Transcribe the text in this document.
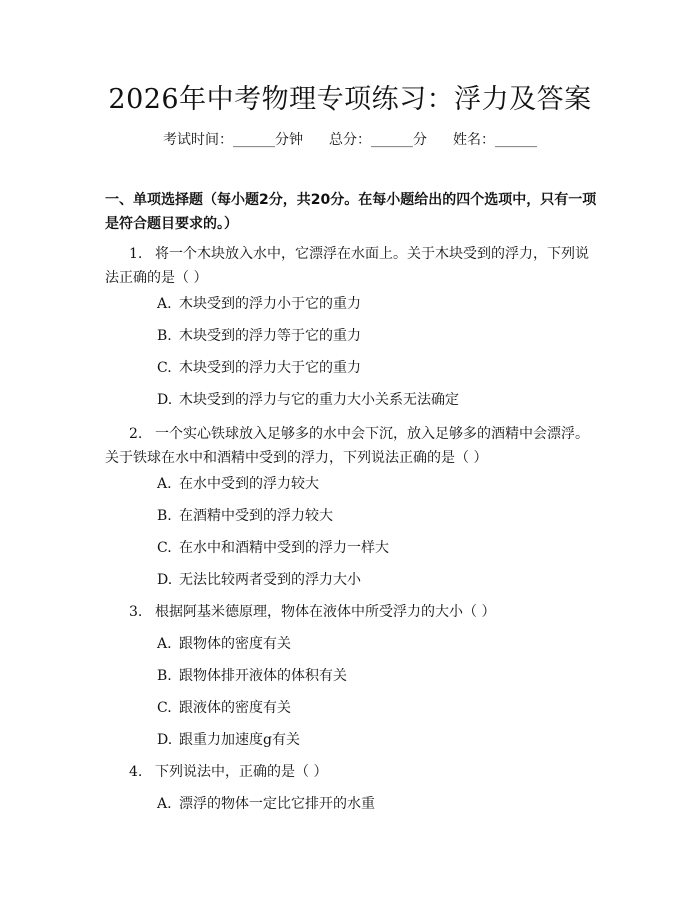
2026年中考物理专项练习：浮力及答案
考试时间：______分钟 总分：______分 姓名：______
一、单项选择题（每小题2分，共20分。在每小题给出的四个选项中，只有一项是符合题目要求的。）
1. 将一个木块放入水中，它漂浮在水面上。关于木块受到的浮力，下列说法正确的是（ ）
A. 木块受到的浮力小于它的重力
B. 木块受到的浮力等于它的重力
C. 木块受到的浮力大于它的重力
D. 木块受到的浮力与它的重力大小关系无法确定
2. 一个实心铁球放入足够多的水中会下沉，放入足够多的酒精中会漂浮。关于铁球在水中和酒精中受到的浮力，下列说法正确的是（ ）
A. 在水中受到的浮力较大
B. 在酒精中受到的浮力较大
C. 在水中和酒精中受到的浮力一样大
D. 无法比较两者受到的浮力大小
3. 根据阿基米德原理，物体在液体中所受浮力的大小（ ）
A. 跟物体的密度有关
B. 跟物体排开液体的体积有关
C. 跟液体的密度有关
D. 跟重力加速度g有关
4. 下列说法中，正确的是（ ）
A. 漂浮的物体一定比它排开的水重
